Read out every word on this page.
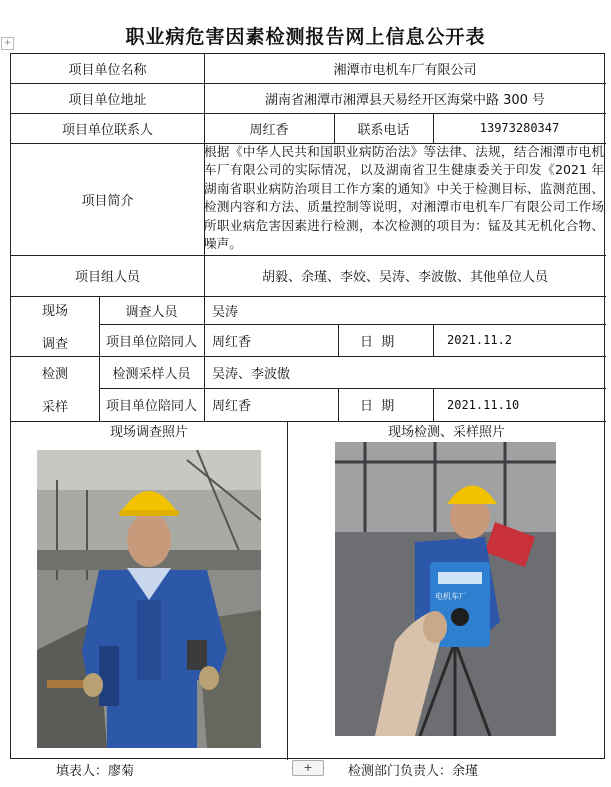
职业病危害因素检测报告网上信息公开表
+
项目单位名称	湘潭市电机车厂有限公司
项目单位地址	湖南省湘潭市湘潭县天易经开区海棠中路 300 号
项目单位联系人	周红香	联系电话	13973280347
项目简介
根据《中华人民共和国职业病防治法》等法律、法规，结合湘潭市电机车厂有限公司的实际情况，以及湖南省卫生健康委关于印发《2021 年湖南省职业病防治项目工作方案的通知》中关于检测目标、监测范围、检测内容和方法、质量控制等说明，对湘潭市电机车厂有限公司工作场所职业病危害因素进行检测，本次检测的项目为：锰及其无机化合物、噪声。
项目组人员	胡毅、余瑾、李姣、吴涛、李波傲、其他单位人员
现场
调查
调查人员	吴涛
项目单位陪同人	周红香	日  期	2021.11.2
检测
采样
检测采样人员	吴涛、李波傲
项目单位陪同人	周红香	日  期	2021.11.10
现场调查照片	现场检测、采样照片
电机车厂
填表人：廖菊	+	检测部门负责人：余瑾
